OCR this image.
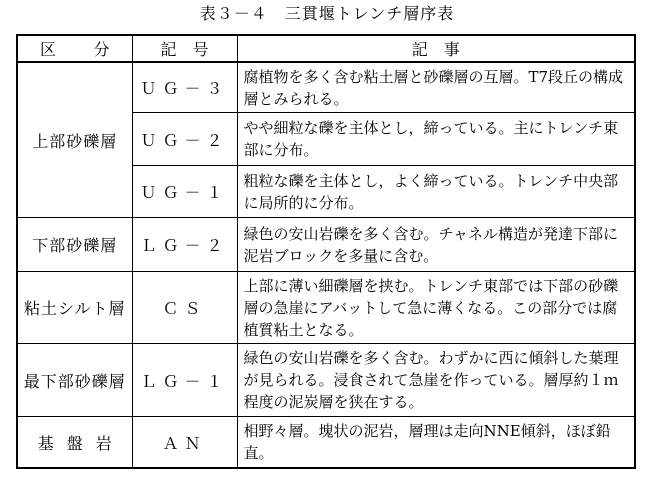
表３－４　三貫堰トレンチ層序表
区　分	記　号	記　事
上部砂礫層	ＵＧ－３	腐植物を多く含む粘土層と砂礫層の互層。T7段丘の構成層とみられる。
	ＵＧ－２	やや細粒な礫を主体とし，締っている。主にトレンチ東部に分布。
	ＵＧ－１	粗粒な礫を主体とし，よく締っている。トレンチ中央部に局所的に分布。
下部砂礫層	ＬＧ－２	緑色の安山岩礫を多く含む。チャネル構造が発達下部に泥岩ブロックを多量に含む。
粘土シルト層	ＣＳ	上部に薄い細礫層を挟む。トレンチ東部では下部の砂礫層の急崖にアバットして急に薄くなる。この部分では腐植質粘土となる。
最下部砂礫層	ＬＧ－１	緑色の安山岩礫を多く含む。わずかに西に傾斜した葉理が見られる。浸食されて急崖を作っている。層厚約１ｍ程度の泥炭層を狭在する。
基盤岩	ＡＮ	相野々層。塊状の泥岩，層理は走向NNE傾斜，ほぼ鉛直。
